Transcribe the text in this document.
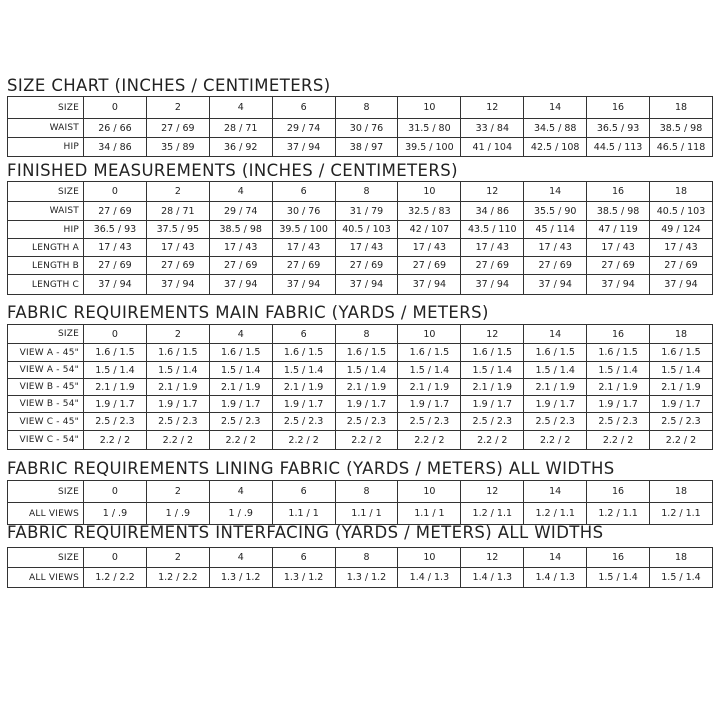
SIZE CHART (INCHES / CENTIMETERS)
SIZE	0	2	4	6	8	10	12	14	16	18
WAIST	26 / 66	27 / 69	28 / 71	29 / 74	30 / 76	31.5 / 80	33 / 84	34.5 / 88	36.5 / 93	38.5 / 98
HIP	34 / 86	35 / 89	36 / 92	37 / 94	38 / 97	39.5 / 100	41 / 104	42.5 / 108	44.5 / 113	46.5 / 118
FINISHED MEASUREMENTS (INCHES / CENTIMETERS)
SIZE	0	2	4	6	8	10	12	14	16	18
WAIST	27 / 69	28 / 71	29 / 74	30 / 76	31 / 79	32.5 / 83	34 / 86	35.5 / 90	38.5 / 98	40.5 / 103
HIP	36.5 / 93	37.5 / 95	38.5 / 98	39.5 / 100	40.5 / 103	42 / 107	43.5 / 110	45 / 114	47 / 119	49 / 124
LENGTH A	17 / 43	17 / 43	17 / 43	17 / 43	17 / 43	17 / 43	17 / 43	17 / 43	17 / 43	17 / 43
LENGTH B	27 / 69	27 / 69	27 / 69	27 / 69	27 / 69	27 / 69	27 / 69	27 / 69	27 / 69	27 / 69
LENGTH C	37 / 94	37 / 94	37 / 94	37 / 94	37 / 94	37 / 94	37 / 94	37 / 94	37 / 94	37 / 94
FABRIC REQUIREMENTS MAIN FABRIC (YARDS / METERS)
SIZE	0	2	4	6	8	10	12	14	16	18
VIEW A - 45"	1.6 / 1.5	1.6 / 1.5	1.6 / 1.5	1.6 / 1.5	1.6 / 1.5	1.6 / 1.5	1.6 / 1.5	1.6 / 1.5	1.6 / 1.5	1.6 / 1.5
VIEW A - 54"	1.5 / 1.4	1.5 / 1.4	1.5 / 1.4	1.5 / 1.4	1.5 / 1.4	1.5 / 1.4	1.5 / 1.4	1.5 / 1.4	1.5 / 1.4	1.5 / 1.4
VIEW B - 45"	2.1 / 1.9	2.1 / 1.9	2.1 / 1.9	2.1 / 1.9	2.1 / 1.9	2.1 / 1.9	2.1 / 1.9	2.1 / 1.9	2.1 / 1.9	2.1 / 1.9
VIEW B - 54"	1.9 / 1.7	1.9 / 1.7	1.9 / 1.7	1.9 / 1.7	1.9 / 1.7	1.9 / 1.7	1.9 / 1.7	1.9 / 1.7	1.9 / 1.7	1.9 / 1.7
VIEW C - 45"	2.5 / 2.3	2.5 / 2.3	2.5 / 2.3	2.5 / 2.3	2.5 / 2.3	2.5 / 2.3	2.5 / 2.3	2.5 / 2.3	2.5 / 2.3	2.5 / 2.3
VIEW C - 54"	2.2 / 2	2.2 / 2	2.2 / 2	2.2 / 2	2.2 / 2	2.2 / 2	2.2 / 2	2.2 / 2	2.2 / 2	2.2 / 2
FABRIC REQUIREMENTS LINING FABRIC (YARDS / METERS) ALL WIDTHS
SIZE	0	2	4	6	8	10	12	14	16	18
ALL VIEWS	1 / .9	1 / .9	1 / .9	1.1 / 1	1.1 / 1	1.1 / 1	1.2 / 1.1	1.2 / 1.1	1.2 / 1.1	1.2 / 1.1
FABRIC REQUIREMENTS INTERFACING (YARDS / METERS) ALL WIDTHS
SIZE	0	2	4	6	8	10	12	14	16	18
ALL VIEWS	1.2 / 2.2	1.2 / 2.2	1.3 / 1.2	1.3 / 1.2	1.3 / 1.2	1.4 / 1.3	1.4 / 1.3	1.4 / 1.3	1.5 / 1.4	1.5 / 1.4
